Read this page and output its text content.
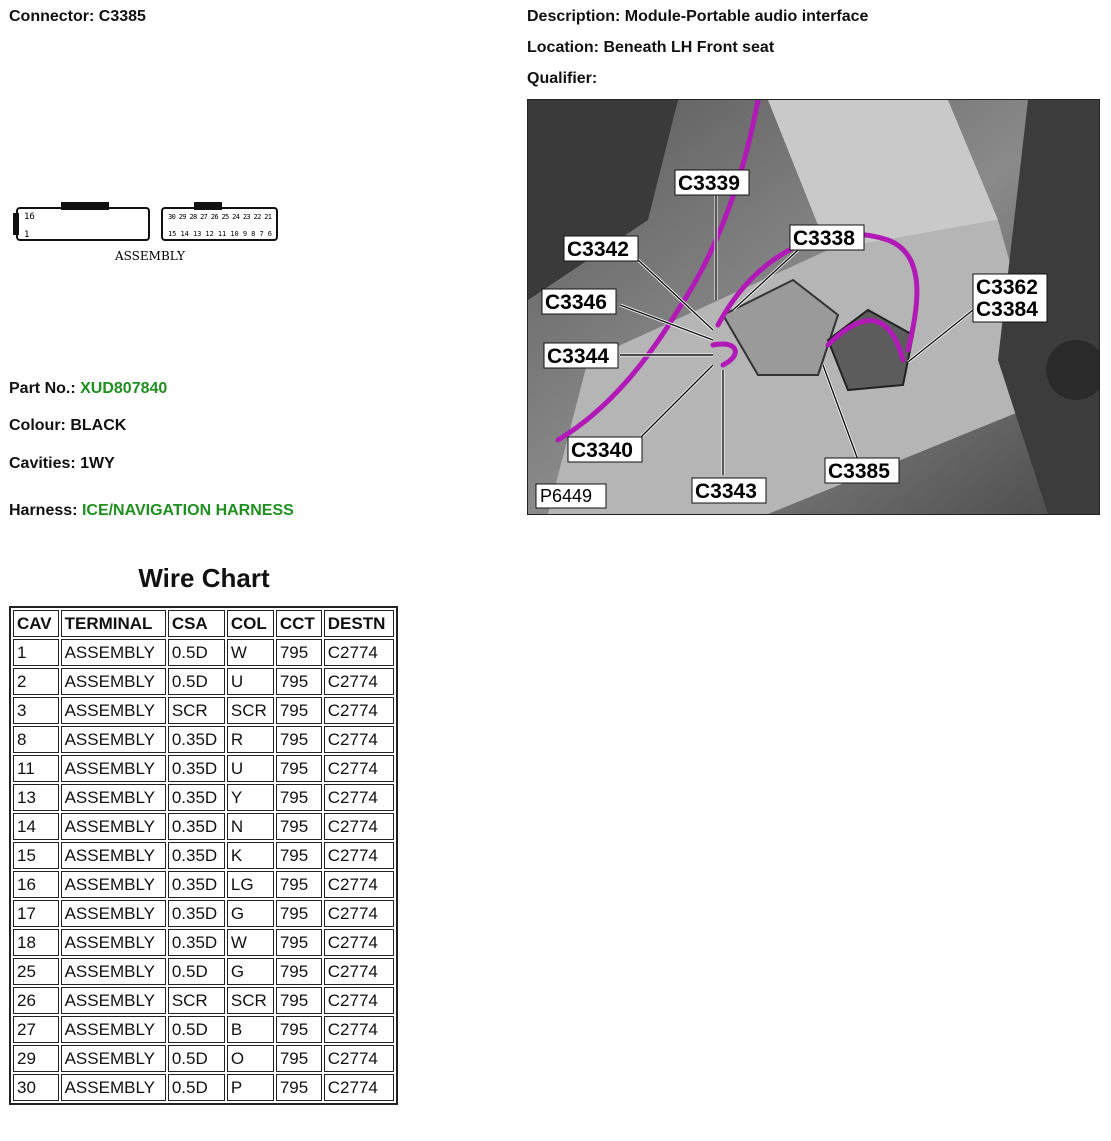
Connector: C3385	Description: Module-Portable audio interface
Location: Beneath LH Front seat
Qualifier:
16
1
30 29 28 27 26 25 24 23 22 21
15 14 13 12 11 10 9 8 7 6
ASSEMBLY
Part No.: XUD807840
Colour: BLACK
Cavities: 1WY
Harness: ICE/NAVIGATION HARNESS
Wire Chart
CAV	TERMINAL	CSA	COL	CCT	DESTN
1	ASSEMBLY	0.5D	W	795	C2774
2	ASSEMBLY	0.5D	U	795	C2774
3	ASSEMBLY	SCR	SCR	795	C2774
8	ASSEMBLY	0.35D	R	795	C2774
11	ASSEMBLY	0.35D	U	795	C2774
13	ASSEMBLY	0.35D	Y	795	C2774
14	ASSEMBLY	0.35D	N	795	C2774
15	ASSEMBLY	0.35D	K	795	C2774
16	ASSEMBLY	0.35D	LG	795	C2774
17	ASSEMBLY	0.35D	G	795	C2774
18	ASSEMBLY	0.35D	W	795	C2774
25	ASSEMBLY	0.5D	G	795	C2774
26	ASSEMBLY	SCR	SCR	795	C2774
27	ASSEMBLY	0.5D	B	795	C2774
29	ASSEMBLY	0.5D	O	795	C2774
30	ASSEMBLY	0.5D	P	795	C2774
C3339
C3338
C3342
C3346
C3344
C3340
C3343
C3385
C3362
C3384
P6449
